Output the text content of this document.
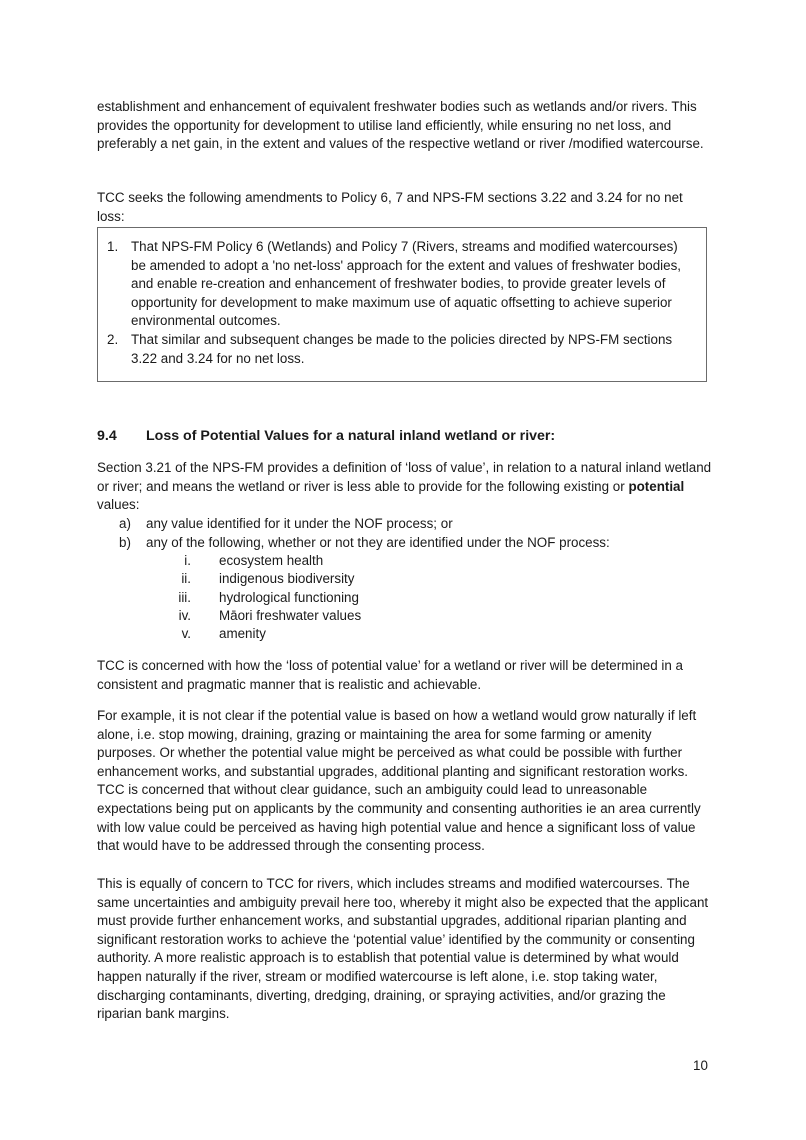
establishment and enhancement of equivalent freshwater bodies such as wetlands and/or rivers. This provides the opportunity for development to utilise land efficiently, while ensuring no net loss, and preferably a net gain, in the extent and values of the respective wetland or river /modified watercourse.

TCC seeks the following amendments to Policy 6, 7 and NPS-FM sections 3.22 and 3.24 for no net loss:

1. That NPS-FM Policy 6 (Wetlands) and Policy 7 (Rivers, streams and modified watercourses) be amended to adopt a 'no net-loss' approach for the extent and values of freshwater bodies, and enable re-creation and enhancement of freshwater bodies, to provide greater levels of opportunity for development to make maximum use of aquatic offsetting to achieve superior environmental outcomes.
2. That similar and subsequent changes be made to the policies directed by NPS-FM sections 3.22 and 3.24 for no net loss.
9.4 Loss of Potential Values for a natural inland wetland or river:

Section 3.21 of the NPS-FM provides a definition of ‘loss of value’, in relation to a natural inland wetland or river; and means the wetland or river is less able to provide for the following existing or potential values:

a) any value identified for it under the NOF process; or
b) any of the following, whether or not they are identified under the NOF process:
i. ecosystem health
ii. indigenous biodiversity
iii. hydrological functioning
iv. Māori freshwater values
v. amenity

TCC is concerned with how the ‘loss of potential value’ for a wetland or river will be determined in a consistent and pragmatic manner that is realistic and achievable.

For example, it is not clear if the potential value is based on how a wetland would grow naturally if left alone, i.e. stop mowing, draining, grazing or maintaining the area for some farming or amenity purposes. Or whether the potential value might be perceived as what could be possible with further enhancement works, and substantial upgrades, additional planting and significant restoration works. TCC is concerned that without clear guidance, such an ambiguity could lead to unreasonable expectations being put on applicants by the community and consenting authorities ie an area currently with low value could be perceived as having high potential value and hence a significant loss of value that would have to be addressed through the consenting process.

This is equally of concern to TCC for rivers, which includes streams and modified watercourses. The same uncertainties and ambiguity prevail here too, whereby it might also be expected that the applicant must provide further enhancement works, and substantial upgrades, additional riparian planting and significant restoration works to achieve the ‘potential value’ identified by the community or consenting authority. A more realistic approach is to establish that potential value is determined by what would happen naturally if the river, stream or modified watercourse is left alone, i.e. stop taking water, discharging contaminants, diverting, dredging, draining, or spraying activities, and/or grazing the riparian bank margins.

10
